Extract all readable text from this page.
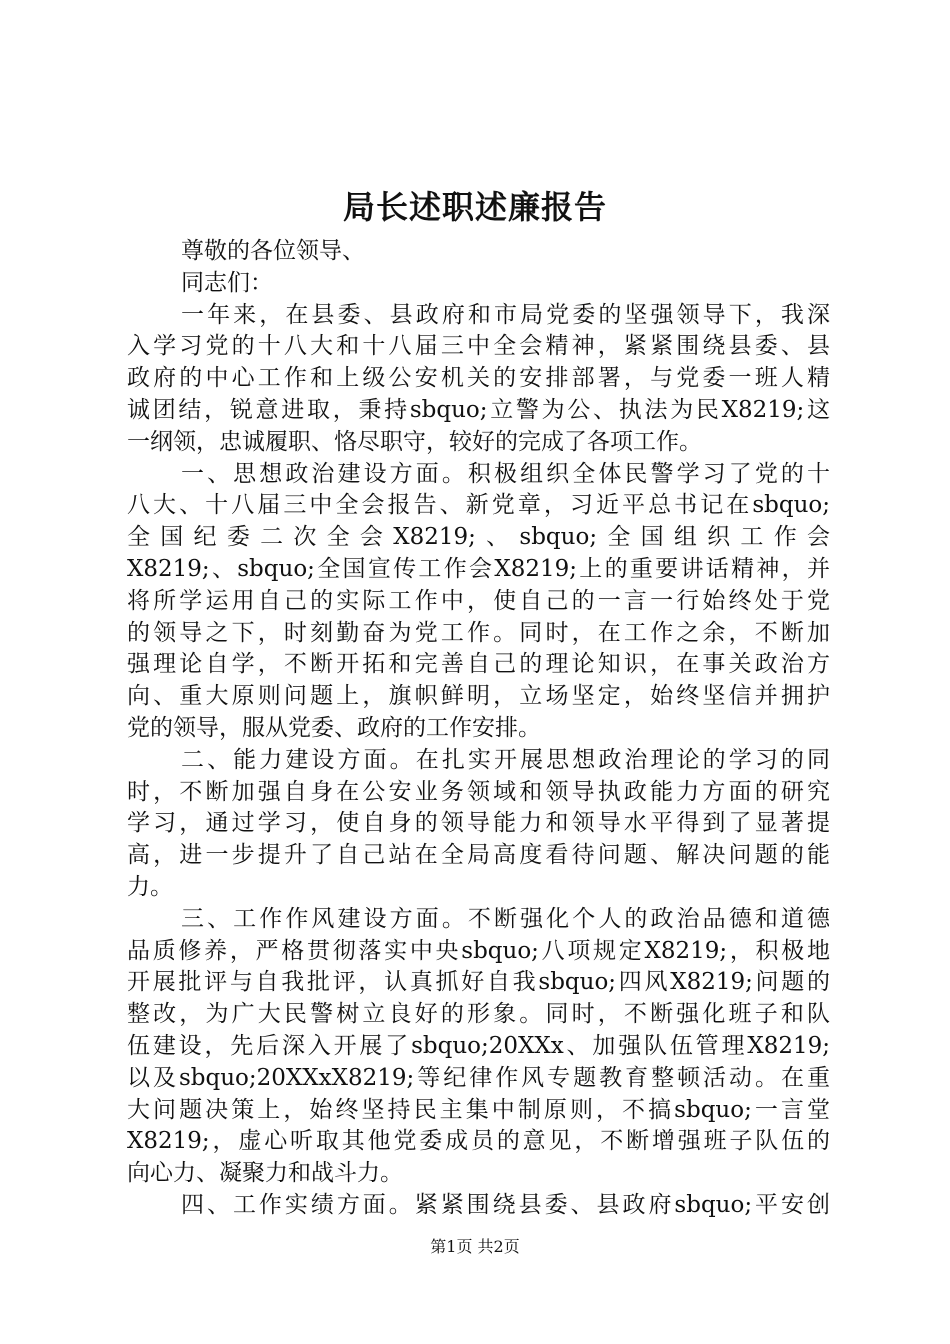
局长述职述廉报告
尊敬的各位领导、
同志们：
一年来，在县委、县政府和市局党委的坚强领导下，我深
入学习党的十八大和十八届三中全会精神，紧紧围绕县委、县
政府的中心工作和上级公安机关的安排部署，与党委一班人精
诚团结，锐意进取，秉持sbquo;立警为公、执法为民X8219;这
一纲领，忠诚履职、恪尽职守，较好的完成了各项工作。
一、思想政治建设方面。积极组织全体民警学习了党的十
八大、十八届三中全会报告、新党章，习近平总书记在sbquo;
全国纪委二次全会X8219;、sbquo;全国组织工作会
X8219;、sbquo;全国宣传工作会X8219;上的重要讲话精神，并
将所学运用自己的实际工作中，使自己的一言一行始终处于党
的领导之下，时刻勤奋为党工作。同时，在工作之余，不断加
强理论自学，不断开拓和完善自己的理论知识，在事关政治方
向、重大原则问题上，旗帜鲜明，立场坚定，始终坚信并拥护
党的领导，服从党委、政府的工作安排。
二、能力建设方面。在扎实开展思想政治理论的学习的同
时，不断加强自身在公安业务领域和领导执政能力方面的研究
学习，通过学习，使自身的领导能力和领导水平得到了显著提
高，进一步提升了自己站在全局高度看待问题、解决问题的能
力。
三、工作作风建设方面。不断强化个人的政治品德和道德
品质修养，严格贯彻落实中央sbquo;八项规定X8219;，积极地
开展批评与自我批评，认真抓好自我sbquo;四风X8219;问题的
整改，为广大民警树立良好的形象。同时，不断强化班子和队
伍建设，先后深入开展了sbquo;20XXx、加强队伍管理X8219;
以及sbquo;20XXxX8219;等纪律作风专题教育整顿活动。在重
大问题决策上，始终坚持民主集中制原则，不搞sbquo;一言堂
X8219;，虚心听取其他党委成员的意见，不断增强班子队伍的
向心力、凝聚力和战斗力。
四、工作实绩方面。紧紧围绕县委、县政府sbquo;平安创
第1页 共2页
